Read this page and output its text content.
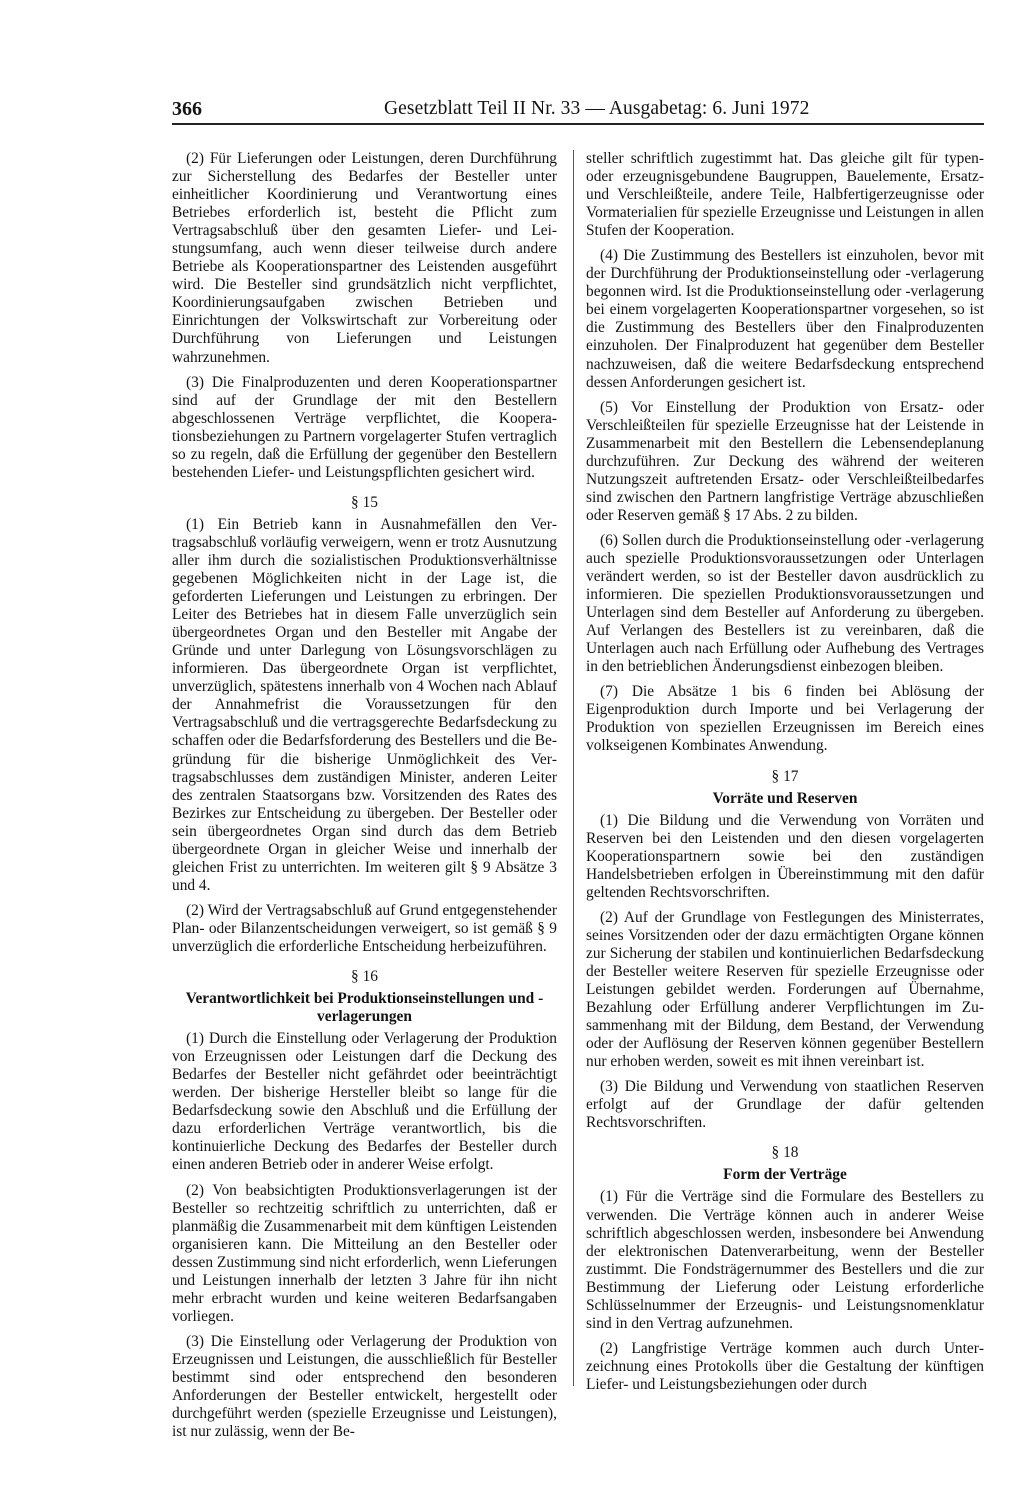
366	Gesetzblatt Teil II Nr. 33 — Ausgabetag: 6. Juni 1972

(2) Für Lieferungen oder Leistungen, deren Durchführung zur Sicherstellung des Bedarfes der Besteller unter einheitlicher Koordinierung und Verantwortung eines Betriebes erforderlich ist, besteht die Pflicht zum Vertragsabschluß über den gesamten Liefer- und Leistungsumfang, auch wenn dieser teilweise durch andere Betriebe als Kooperationspartner des Leistenden ausgeführt wird. Die Besteller sind grundsätzlich nicht verpflichtet, Koordinierungsaufgaben zwischen Betrieben und Einrichtungen der Volkswirtschaft zur Vorbereitung oder Durchführung von Lieferungen und Leistungen wahrzunehmen.

(3) Die Finalproduzenten und deren Kooperationspartner sind auf der Grundlage der mit den Bestellern abgeschlossenen Verträge verpflichtet, die Kooperationsbeziehungen zu Partnern vorgelagerter Stufen vertraglich so zu regeln, daß die Erfüllung der gegenüber den Bestellern bestehenden Liefer- und Leistungspflichten gesichert wird.

§ 15

(1) Ein Betrieb kann in Ausnahmefällen den Vertragsabschluß vorläufig verweigern, wenn er trotz Ausnutzung aller ihm durch die sozialistischen Produktionsverhältnisse gegebenen Möglichkeiten nicht in der Lage ist, die geforderten Lieferungen und Leistungen zu erbringen. Der Leiter des Betriebes hat in diesem Falle unverzüglich sein übergeordnetes Organ und den Besteller mit Angabe der Gründe und unter Darlegung von Lösungsvorschlägen zu informieren. Das übergeordnete Organ ist verpflichtet, unverzüglich, spätestens innerhalb von 4 Wochen nach Ablauf der Annahmefrist die Voraussetzungen für den Vertragsabschluß und die vertragsgerechte Bedarfsdeckung zu schaffen oder die Bedarfsforderung des Bestellers und die Begründung für die bisherige Unmöglichkeit des Vertragsabschlusses dem zuständigen Minister, anderen Leiter des zentralen Staatsorgans bzw. Vorsitzenden des Rates des Bezirkes zur Entscheidung zu übergeben. Der Besteller oder sein übergeordnetes Organ sind durch das dem Betrieb übergeordnete Organ in gleicher Weise und innerhalb der gleichen Frist zu unterrichten. Im weiteren gilt § 9 Absätze 3 und 4.

(2) Wird der Vertragsabschluß auf Grund entgegenstehender Plan- oder Bilanzentscheidungen verweigert, so ist gemäß § 9 unverzüglich die erforderliche Entscheidung herbeizuführen.

§ 16
Verantwortlichkeit bei Produktionseinstellungen und -verlagerungen

(1) Durch die Einstellung oder Verlagerung der Produktion von Erzeugnissen oder Leistungen darf die Deckung des Bedarfes der Besteller nicht gefährdet oder beeinträchtigt werden. Der bisherige Hersteller bleibt so lange für die Bedarfsdeckung sowie den Abschluß und die Erfüllung der dazu erforderlichen Verträge verantwortlich, bis die kontinuierliche Deckung des Bedarfes der Besteller durch einen anderen Betrieb oder in anderer Weise erfolgt.

(2) Von beabsichtigten Produktionsverlagerungen ist der Besteller so rechtzeitig schriftlich zu unterrichten, daß er planmäßig die Zusammenarbeit mit dem künftigen Leistenden organisieren kann. Die Mitteilung an den Besteller oder dessen Zustimmung sind nicht erforderlich, wenn Lieferungen und Leistungen innerhalb der letzten 3 Jahre für ihn nicht mehr erbracht wurden und keine weiteren Bedarfsangaben vorliegen.

(3) Die Einstellung oder Verlagerung der Produktion von Erzeugnissen und Leistungen, die ausschließlich für Besteller bestimmt sind oder entsprechend den besonderen Anforderungen der Besteller entwickelt, hergestellt oder durchgeführt werden (spezielle Erzeugnisse und Leistungen), ist nur zulässig, wenn der Be-

steller schriftlich zugestimmt hat. Das gleiche gilt für typen- oder erzeugnisgebundene Baugruppen, Bauelemente, Ersatz- und Verschleißteile, andere Teile, Halbfertigerzeugnisse oder Vormaterialien für spezielle Erzeugnisse und Leistungen in allen Stufen der Kooperation.

(4) Die Zustimmung des Bestellers ist einzuholen, bevor mit der Durchführung der Produktionseinstellung oder -verlagerung begonnen wird. Ist die Produktionseinstellung oder -verlagerung bei einem vorgelagerten Kooperationspartner vorgesehen, so ist die Zustimmung des Bestellers über den Finalproduzenten einzuholen. Der Finalproduzent hat gegenüber dem Besteller nachzuweisen, daß die weitere Bedarfsdeckung entsprechend dessen Anforderungen gesichert ist.

(5) Vor Einstellung der Produktion von Ersatz- oder Verschleißteilen für spezielle Erzeugnisse hat der Leistende in Zusammenarbeit mit den Bestellern die Lebensendeplanung durchzuführen. Zur Deckung des während der weiteren Nutzungszeit auftretenden Ersatz- oder Verschleißteilbedarfes sind zwischen den Partnern langfristige Verträge abzuschließen oder Reserven gemäß § 17 Abs. 2 zu bilden.

(6) Sollen durch die Produktionseinstellung oder -verlagerung auch spezielle Produktionsvoraussetzungen oder Unterlagen verändert werden, so ist der Besteller davon ausdrücklich zu informieren. Die speziellen Produktionsvoraussetzungen und Unterlagen sind dem Besteller auf Anforderung zu übergeben. Auf Verlangen des Bestellers ist zu vereinbaren, daß die Unterlagen auch nach Erfüllung oder Aufhebung des Vertrages in den betrieblichen Änderungsdienst einbezogen bleiben.

(7) Die Absätze 1 bis 6 finden bei Ablösung der Eigenproduktion durch Importe und bei Verlagerung der Produktion von speziellen Erzeugnissen im Bereich eines volkseigenen Kombinates Anwendung.

§ 17
Vorräte und Reserven

(1) Die Bildung und die Verwendung von Vorräten und Reserven bei den Leistenden und den diesen vorgelagerten Kooperationspartnern sowie bei den zuständigen Handelsbetrieben erfolgen in Übereinstimmung mit den dafür geltenden Rechtsvorschriften.

(2) Auf der Grundlage von Festlegungen des Ministerrates, seines Vorsitzenden oder der dazu ermächtigten Organe können zur Sicherung der stabilen und kontinuierlichen Bedarfsdeckung der Besteller weitere Reserven für spezielle Erzeugnisse oder Leistungen gebildet werden. Forderungen auf Übernahme, Bezahlung oder Erfüllung anderer Verpflichtungen im Zusammenhang mit der Bildung, dem Bestand, der Verwendung oder der Auflösung der Reserven können gegenüber Bestellern nur erhoben werden, soweit es mit ihnen vereinbart ist.

(3) Die Bildung und Verwendung von staatlichen Reserven erfolgt auf der Grundlage der dafür geltenden Rechtsvorschriften.

§ 18
Form der Verträge

(1) Für die Verträge sind die Formulare des Bestellers zu verwenden. Die Verträge können auch in anderer Weise schriftlich abgeschlossen werden, insbesondere bei Anwendung der elektronischen Datenverarbeitung, wenn der Besteller zustimmt. Die Fondsträgernummer des Bestellers und die zur Bestimmung der Lieferung oder Leistung erforderliche Schlüsselnummer der Erzeugnis- und Leistungsnomenklatur sind in den Vertrag aufzunehmen.

(2) Langfristige Verträge kommen auch durch Unterzeichnung eines Protokolls über die Gestaltung der künftigen Liefer- und Leistungsbeziehungen oder durch
